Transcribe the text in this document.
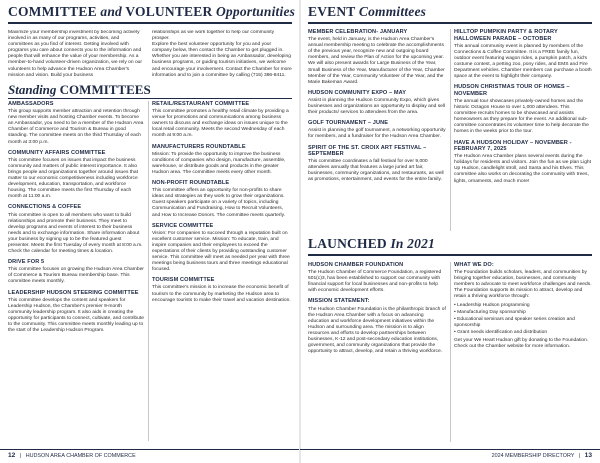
COMMITTEE and VOLUNTEER Opportunities

Maximize your membership investment by becoming actively involved in as many of our programs, activities, and committees as you find of interest. Getting involved with programs you care about connects you to the information and people that will enhance the value of your membership. As a member-to-hand volunteer-driven organization, we rely on our volunteers to help advance the Hudson Area Chamber's mission and vision. Build your business

relationships as we work together to help our community prosper.
Explore the best volunteer opportunity for you and your company below, then contact the Chamber to get plugged in. Whether you are interested in being an Ambassador, developing business programs, or guiding tourism initiatives, we welcome and encourage your involvement. Contact the Chamber for more information and to join a committee by calling (715) 386-8411.

Standing COMMITTEES
AMBASSADORS

This group supports member attraction and retention through new member visits and hosting Chamber events. To become an Ambassador, you need to be a member of the Hudson Area Chamber of Commerce and Tourism & Bureau in good standing. The committee meets on the third Thursday of each month at 3:00 p.m.

COMMUNITY AFFAIRS COMMITTEE

This committee focuses on issues that impact the business community and matters of public interest importance. It also brings people and organizations together around issues that matter to our economic competitiveness including workforce development, education, transportation, and workforce housing. The committee meets the first Thursday of each month at 11:00 a.m.

CONNECTIONS & COFFEE

This committee is open to all members who want to build relationships and promote their business. They meet to develop programs and events of interest to their business needs and to exchange information. Share information about your business by signing up to be the featured guest presenter. Meets the first Tuesday of every month at 8:00 a.m. Check the calendar for meeting times & location.

DRIVE FOR 5

This committee focuses on growing the Hudson Area Chamber of Commerce & Tourism Bureau membership base. This committee meets monthly.

LEADERSHIP HUDSON STEERING COMMITTEE

This committee develops the content and speakers for Leadership Hudson, the Chamber's premier 9-month community leadership program. It also aids in creating the opportunity for participants to connect, cultivate, and contribute to the community. This committee meets monthly leading up to the start of the Leadership Hudson Program.

RETAIL/RESTAURANT COMMITTEE

This committee promotes a healthy retail climate by providing a venue for promotions and communications among business owners to discuss and exchange ideas on issues unique to the local retail community. Meets the second Wednesday of each month at 9:00 a.m.

MANUFACTURERS ROUNDTABLE

Mission: To provide the opportunity to improve the business conditions of companies who design, manufacture, assemble, warehouse, or distribute goods and products in the greater Hudson area. The committee meets every other month.

NON-PROFIT ROUNDTABLE

This committee offers an opportunity for non-profits to share ideas and strategies as they work to grow their organizations. Guest speakers participate on a variety of topics, including Communication and Fundraising, How to Recruit Volunteers, and How to Increase Donors. The committee meets quarterly.

SERVICE COMMITTEE

Vision: For companies to succeed through a reputation built on excellent customer service. Mission: To educate, train, and inspire companies and their employees to exceed the expectations of their clients by providing outstanding customer service. This committee will meet as needed per year with three meetings being business tours and three meetings educational focused.

TOURISM COMMITTEE

This committee's mission is to increase the economic benefit of tourism to the community by marketing the Hudson area to encourage tourists to make their travel and vacation destination.

12 | HUDSON AREA CHAMBER OF COMMERCE
EVENT Committees
MEMBER CELEBRATION- JANUARY

The event, held in January, is the Hudson Area Chamber's annual membership meeting to celebrate the accomplishments of the previous year, recognize new and outgoing board members, and review the Plan of Action for the upcoming year. We will also present awards for Large Business of the Year, Small Business of the Year, Manufacturer of the Year, Chamber Member of the Year, Community Volunteer of the Year, and the Marie Bakeman Award.

HUDSON COMMUNITY EXPO – MAY

Assist in planning the Hudson Community Expo, which gives businesses and organizations an opportunity to display and sell their products/ services to attendees from the area.

GOLF TOURNAMENT – JUNE

Assist in planning the golf tournament, a networking opportunity for members, and a fundraiser for the Hudson Area Chamber.

SPIRIT OF THE ST. CROIX ART FESTIVAL – SEPTEMBER

This committee coordinates a fall festival for over 9,000 attendees annually that features a large juried art fair, businesses, community organizations, and restaurants, as well as promotions, entertainment, and events for the entire family.

HILLTOP PUMPKIN PARTY & ROTARY HALLOWEEN PARADE – OCTOBER

This annual community event is planned by members of the Connections & Coffee Committee. It is a FREE family fun, outdoor event featuring wagon rides, a pumpkin patch, a kid's costume contest, a petting zoo, pony rides, and EMS and Fire Department vehicles. Chamber members can purchase a booth space at the event to highlight their company.

HUDSON CHRISTMAS TOUR OF HOMES – NOVEMBER

The annual tour showcases privately-owned homes and the historic Octagon House to over 1,000 attendees. This committee recruits homes to be showcased and assists homeowners as they prepare for the event. An additional sub-committee concentrates its volunteer time to help decorate the homes in the weeks prior to the tour.

HAVE A HUDSON HOLIDAY – NOVEMBER - FEBRUARY 7, 2025

The Hudson Area Chamber plans several events during the holidays for residents and visitors. Join the fun as we plan Light Up Hudson, candlelight stroll, and Santa and his Elves. This committee also works on decorating the community with trees, lights, ornaments, and much more!

LAUNCHED In 2021
HUDSON CHAMBER FOUNDATION

The Hudson Chamber of Commerce Foundation, a registered 501(c)3, has been established to support our community with financial support for local businesses and non-profits to help with economic development efforts.

MISSION STATEMENT:

The Hudson Chamber Foundation is the philanthropic branch of the Hudson Area Chamber with a focus on advancing education and workforce development initiatives within the Hudson and surrounding area. The mission is to align resources and efforts to develop partnerships between businesses, K-12 and post-secondary education institutions, government, and community organizations that provide the opportunity to attract, develop, and retain a thriving workforce.

WHAT WE DO:

The Foundation builds scholars, leaders, and communities by bringing together education, businesses, and community members to advocate to meet workforce challenges and needs. The Foundation supports its mission to attract, develop and retain a thriving workforce through:

• Leadership Hudson programming
• Manufacturing Day sponsorship
• Educational seminars and speaker series creation and sponsorship
• Grant needs identification and distribution

Get your We Heart Hudson gift by donating to the Foundation. Check out the Chamber website for more information.

2024 MEMBERSHIP DIRECTORY | 13
